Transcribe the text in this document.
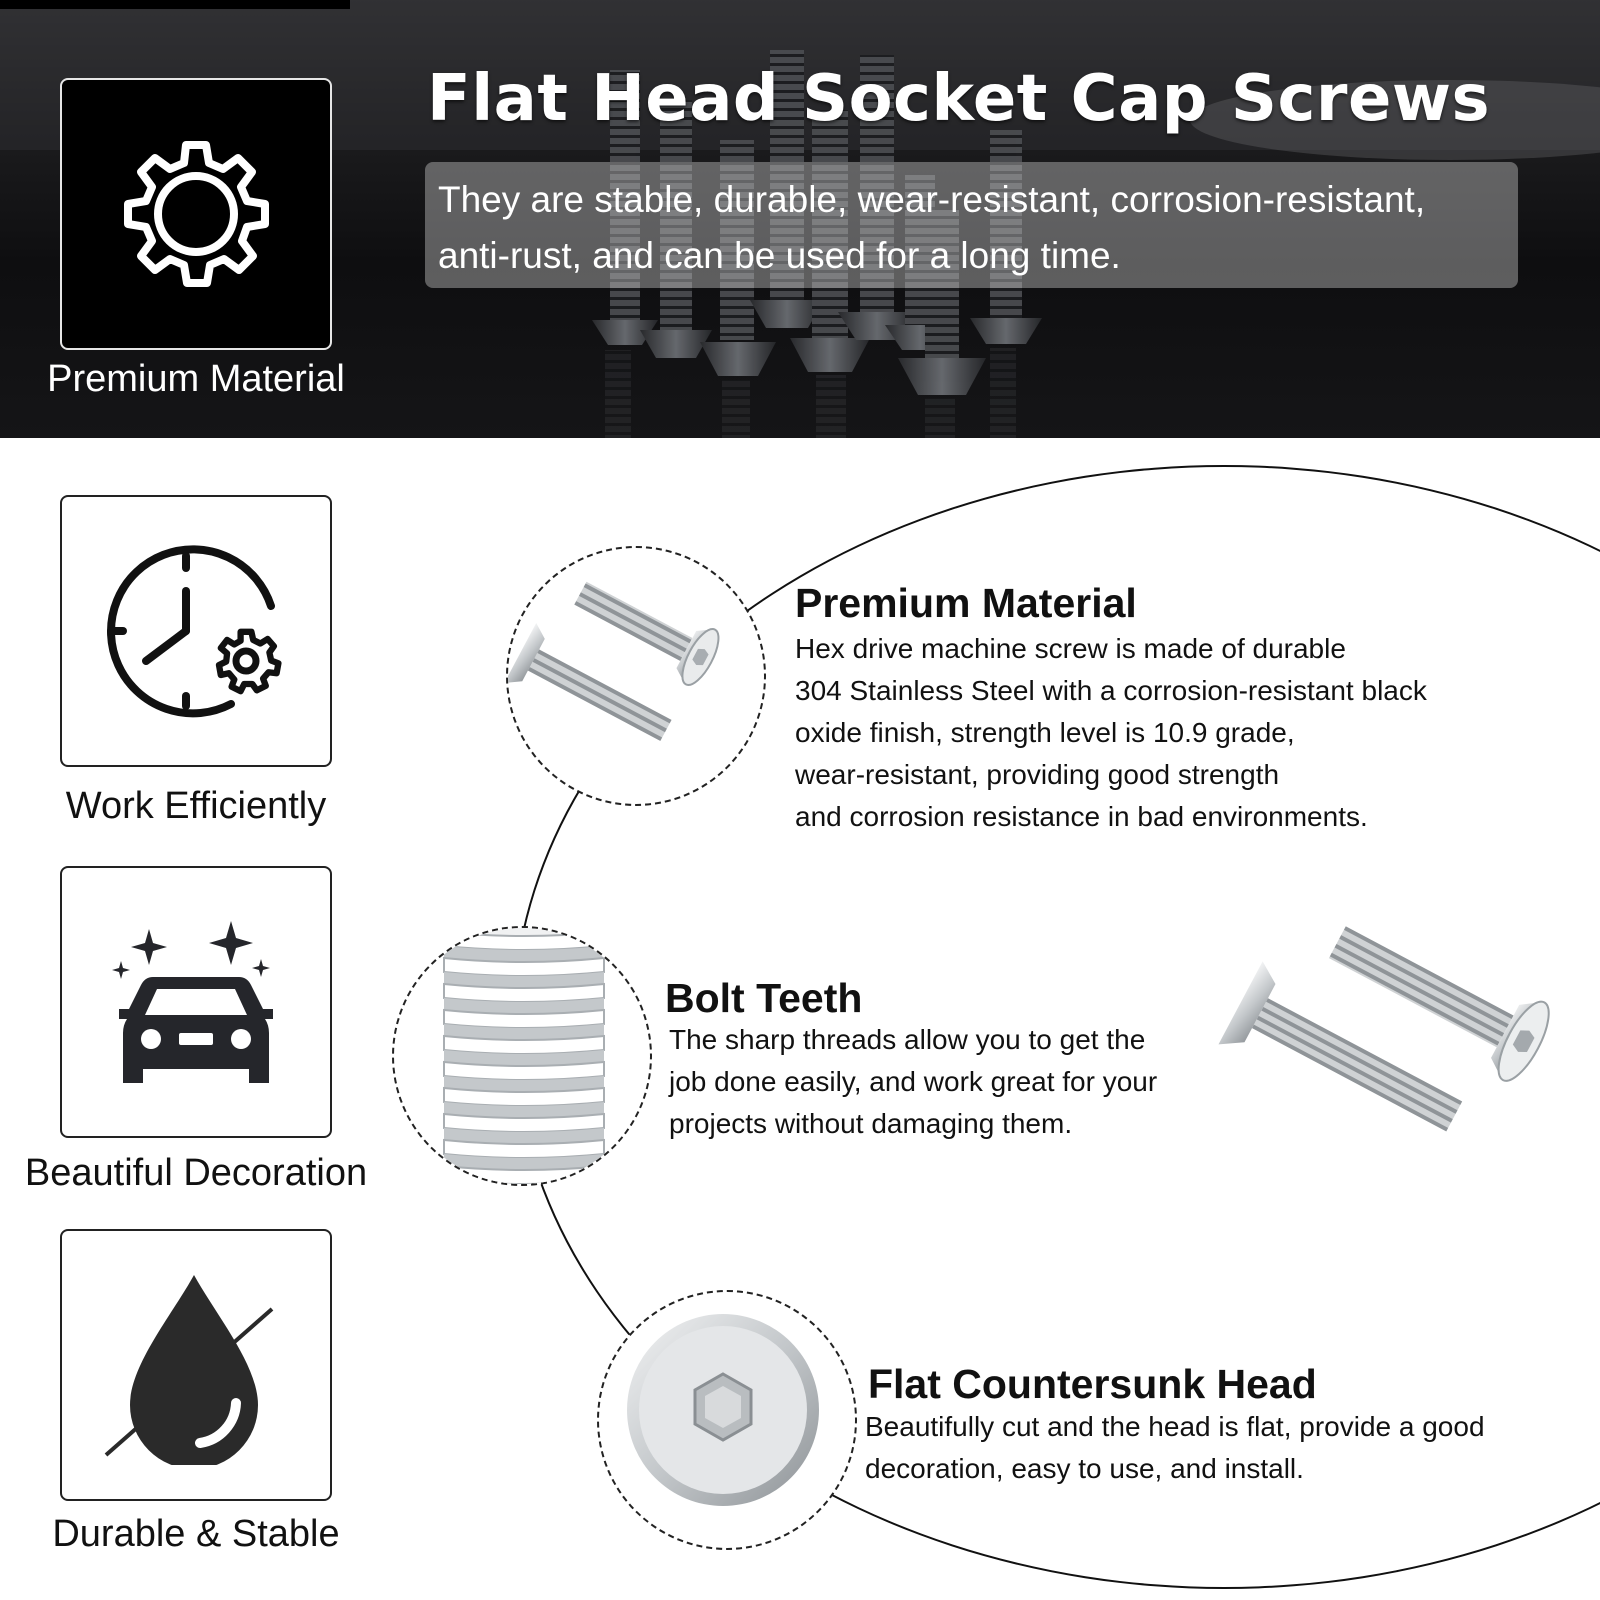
Flat Head Socket Cap Screws
They are stable, durable, wear-resistant, corrosion-resistant,
anti-rust, and can be used for a long time.
Premium Material
Work Efficiently
Beautiful Decoration
Durable & Stable
Premium Material

Hex drive machine screw is made of durable

304 Stainless Steel with a corrosion-resistant black

oxide finish, strength level is 10.9 grade,

wear-resistant, providing good strength

and corrosion resistance in bad environments.

Bolt Teeth

The sharp threads allow you to get the

job done easily, and work great for your

projects without damaging them.

Flat Countersunk Head

Beautifully cut and the head is flat, provide a good

decoration, easy to use, and install.
